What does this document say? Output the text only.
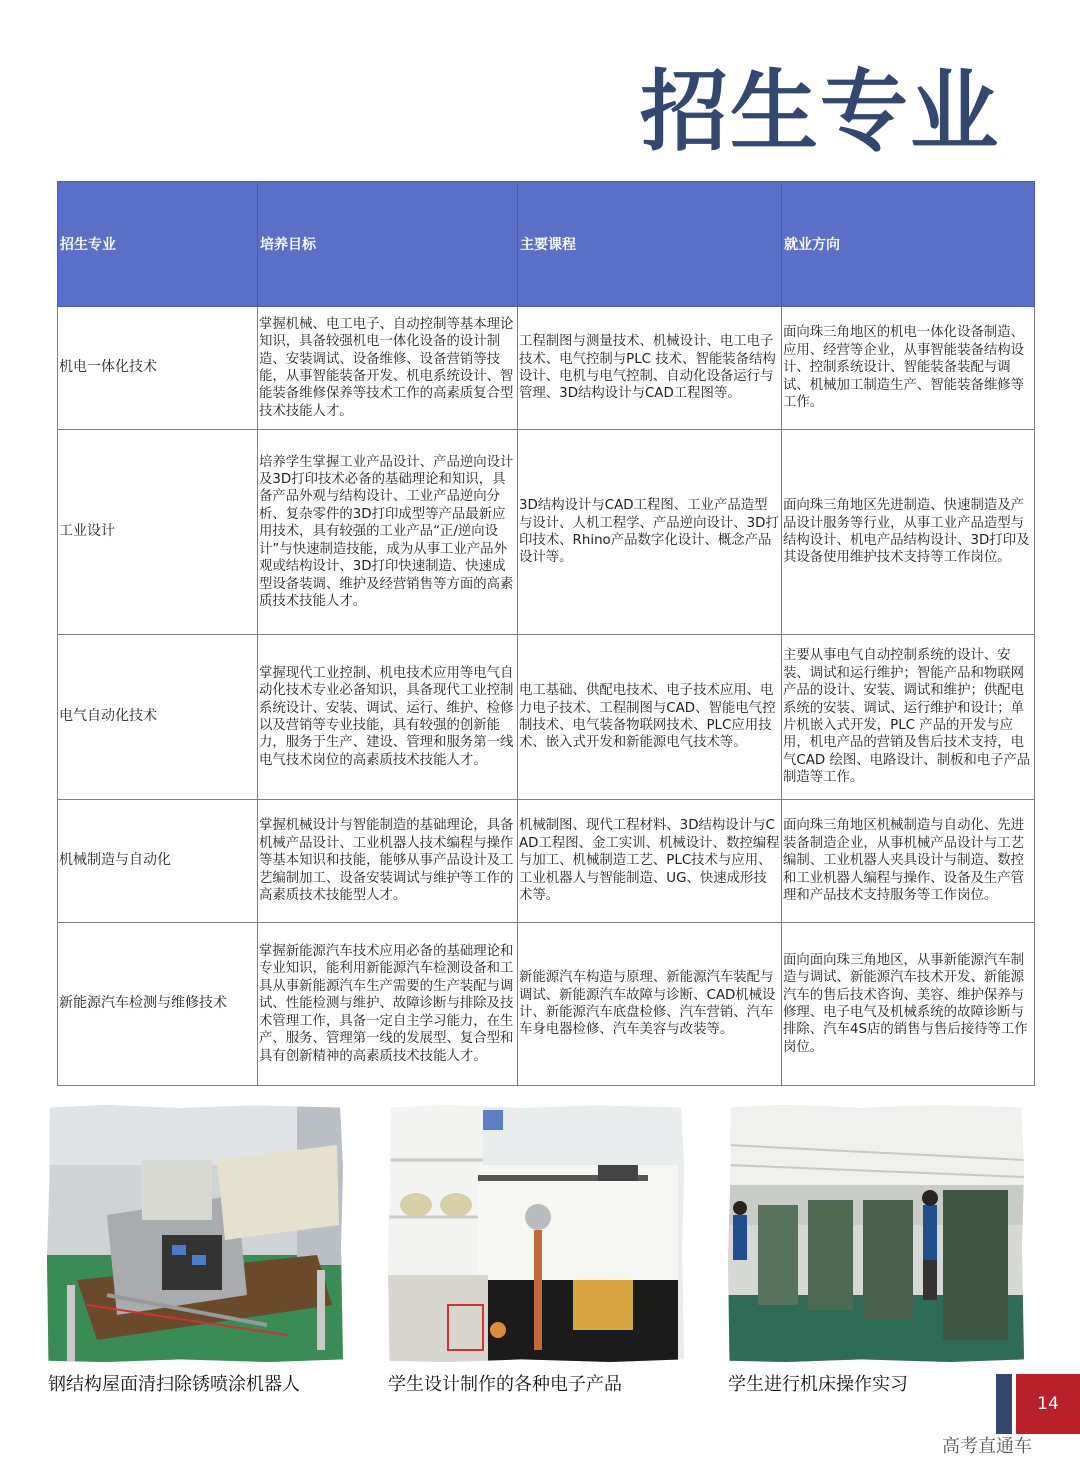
招生专业
招生专业	培养目标	主要课程	就业方向
机电一体化技术	掌握机械、电工电子、自动控制等基本理论知识，具备较强机电一体化设备的设计制造、安装调试、设备维修、设备营销等技能，从事智能装备开发、机电系统设计、智能装备维修保养等技术工作的高素质复合型技术技能人才。	工程制图与测量技术、机械设计、电工电子技术、电气控制与PLC 技术、智能装备结构设计、电机与电气控制、自动化设备运行与管理、3D结构设计与CAD工程图等。	面向珠三角地区的机电一体化设备制造、应用、经营等企业，从事智能装备结构设计、控制系统设计、智能装备装配与调试、机械加工制造生产、智能装备维修等工作。
工业设计	培养学生掌握工业产品设计、产品逆向设计及3D打印技术必备的基础理论和知识，具备产品外观与结构设计、工业产品逆向分析、复杂零件的3D打印成型等产品最新应用技术，具有较强的工业产品“正/逆向设计”与快速制造技能，成为从事工业产品外观或结构设计、3D打印快速制造、快速成型设备装调、维护及经营销售等方面的高素质技术技能人才。	3D结构设计与CAD工程图、工业产品造型与设计、人机工程学、产品逆向设计、3D打印技术、Rhino产品数字化设计、概念产品设计等。	面向珠三角地区先进制造、快速制造及产品设计服务等行业，从事工业产品造型与结构设计、机电产品结构设计、3D打印及其设备使用维护技术支持等工作岗位。
电气自动化技术	掌握现代工业控制、机电技术应用等电气自动化技术专业必备知识，具备现代工业控制系统设计、安装、调试、运行、维护、检修以及营销等专业技能，具有较强的创新能力，服务于生产、建设、管理和服务第一线电气技术岗位的高素质技术技能人才。	电工基础、供配电技术、电子技术应用、电力电子技术、工程制图与CAD、智能电气控制技术、电气装备物联网技术、PLC应用技术、嵌入式开发和新能源电气技术等。	主要从事电气自动控制系统的设计、安装、调试和运行维护；智能产品和物联网产品的设计、安装、调试和维护；供配电系统的安装、调试、运行维护和设计；单片机嵌入式开发，PLC 产品的开发与应用，机电产品的营销及售后技术支持，电气CAD 绘图、电路设计、制板和电子产品制造等工作。
机械制造与自动化	掌握机械设计与智能制造的基础理论，具备机械产品设计、工业机器人技术编程与操作等基本知识和技能，能够从事产品设计及工艺编制加工、设备安装调试与维护等工作的高素质技术技能型人才。	机械制图、现代工程材料、3D结构设计与CAD工程图、金工实训、机械设计、数控编程与加工、机械制造工艺、PLC技术与应用、工业机器人与智能制造、UG、快速成形技术等。	面向珠三角地区机械制造与自动化、先进装备制造企业，从事机械产品设计与工艺编制、工业机器人夹具设计与制造、数控和工业机器人编程与操作、设备及生产管理和产品技术支持服务等工作岗位。
新能源汽车检测与维修技术	掌握新能源汽车技术应用必备的基础理论和专业知识，能利用新能源汽车检测设备和工具从事新能源汽车生产需要的生产装配与调试、性能检测与维护、故障诊断与排除及技术管理工作，具备一定自主学习能力，在生产、服务、管理第一线的发展型、复合型和具有创新精神的高素质技术技能人才。	新能源汽车构造与原理、新能源汽车装配与调试、新能源汽车故障与诊断、CAD机械设计、新能源汽车底盘检修、汽车营销、汽车车身电器检修、汽车美容与改装等。	面向面向珠三角地区，从事新能源汽车制造与调试、新能源汽车技术开发、新能源汽车的售后技术咨询、美容、维护保养与修理、电子电气及机械系统的故障诊断与排除、汽车4S店的销售与售后接待等工作岗位。
钢结构屋面清扫除锈喷涂机器人	学生设计制作的各种电子产品	学生进行机床操作实习
14
高考直通车
